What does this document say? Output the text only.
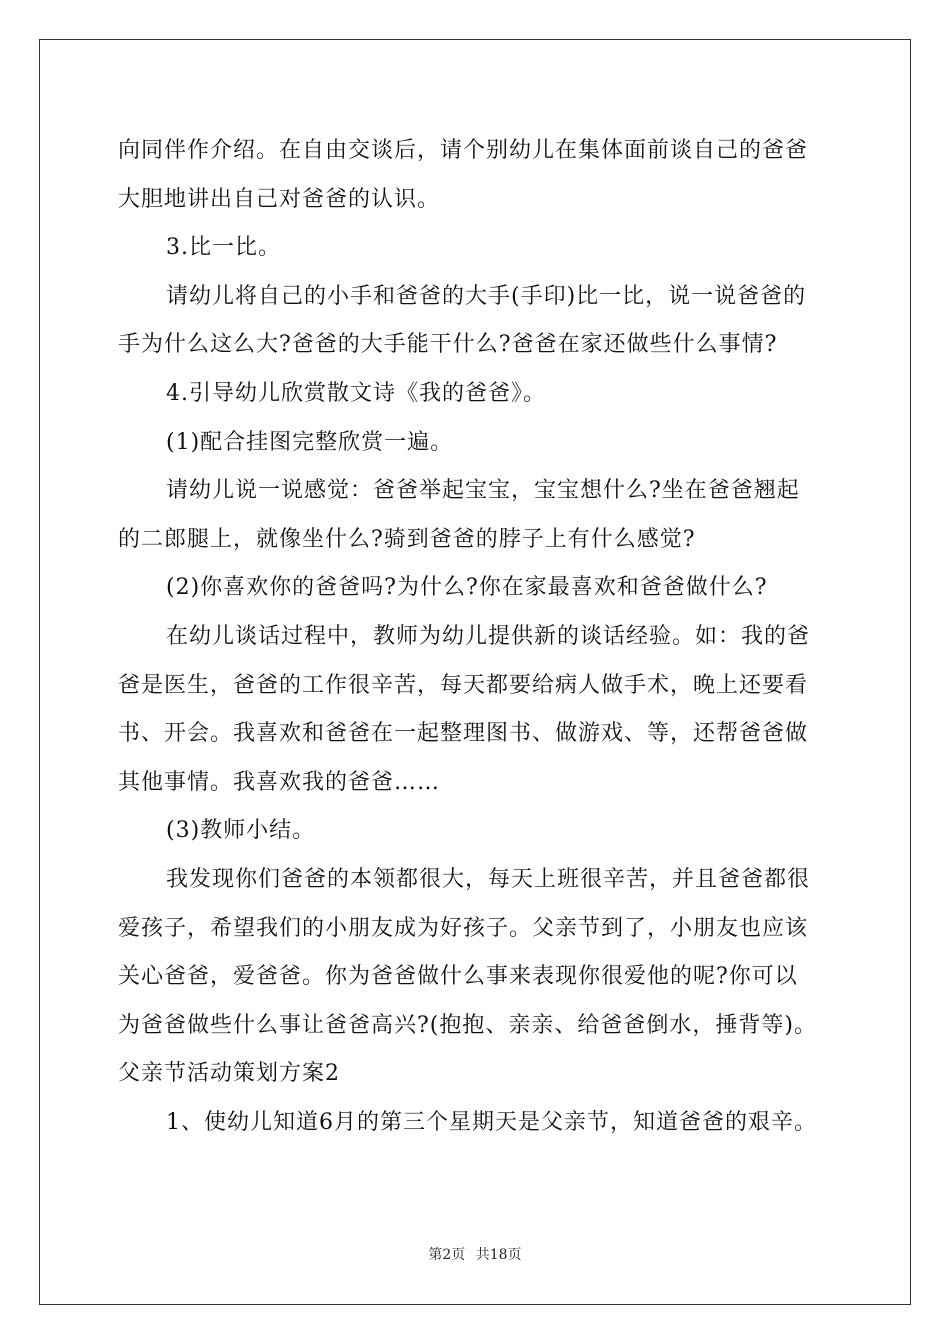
向同伴作介绍。在自由交谈后，请个别幼儿在集体面前谈自己的爸爸
大胆地讲出自己对爸爸的认识。
3.比一比。
请幼儿将自己的小手和爸爸的大手(手印)比一比，说一说爸爸的
手为什么这么大?爸爸的大手能干什么?爸爸在家还做些什么事情?
4.引导幼儿欣赏散文诗《我的爸爸》。
(1)配合挂图完整欣赏一遍。
请幼儿说一说感觉：爸爸举起宝宝，宝宝想什么?坐在爸爸翘起
的二郎腿上，就像坐什么?骑到爸爸的脖子上有什么感觉?
(2)你喜欢你的爸爸吗?为什么?你在家最喜欢和爸爸做什么?
在幼儿谈话过程中，教师为幼儿提供新的谈话经验。如：我的爸
爸是医生，爸爸的工作很辛苦，每天都要给病人做手术，晚上还要看
书、开会。我喜欢和爸爸在一起整理图书、做游戏、等，还帮爸爸做
其他事情。我喜欢我的爸爸……
(3)教师小结。
我发现你们爸爸的本领都很大，每天上班很辛苦，并且爸爸都很
爱孩子，希望我们的小朋友成为好孩子。父亲节到了，小朋友也应该
关心爸爸，爱爸爸。你为爸爸做什么事来表现你很爱他的呢?你可以
为爸爸做些什么事让爸爸高兴?(抱抱、亲亲、给爸爸倒水，捶背等)。
父亲节活动策划方案2
1、使幼儿知道6月的第三个星期天是父亲节，知道爸爸的艰辛。
第2页 共18页
